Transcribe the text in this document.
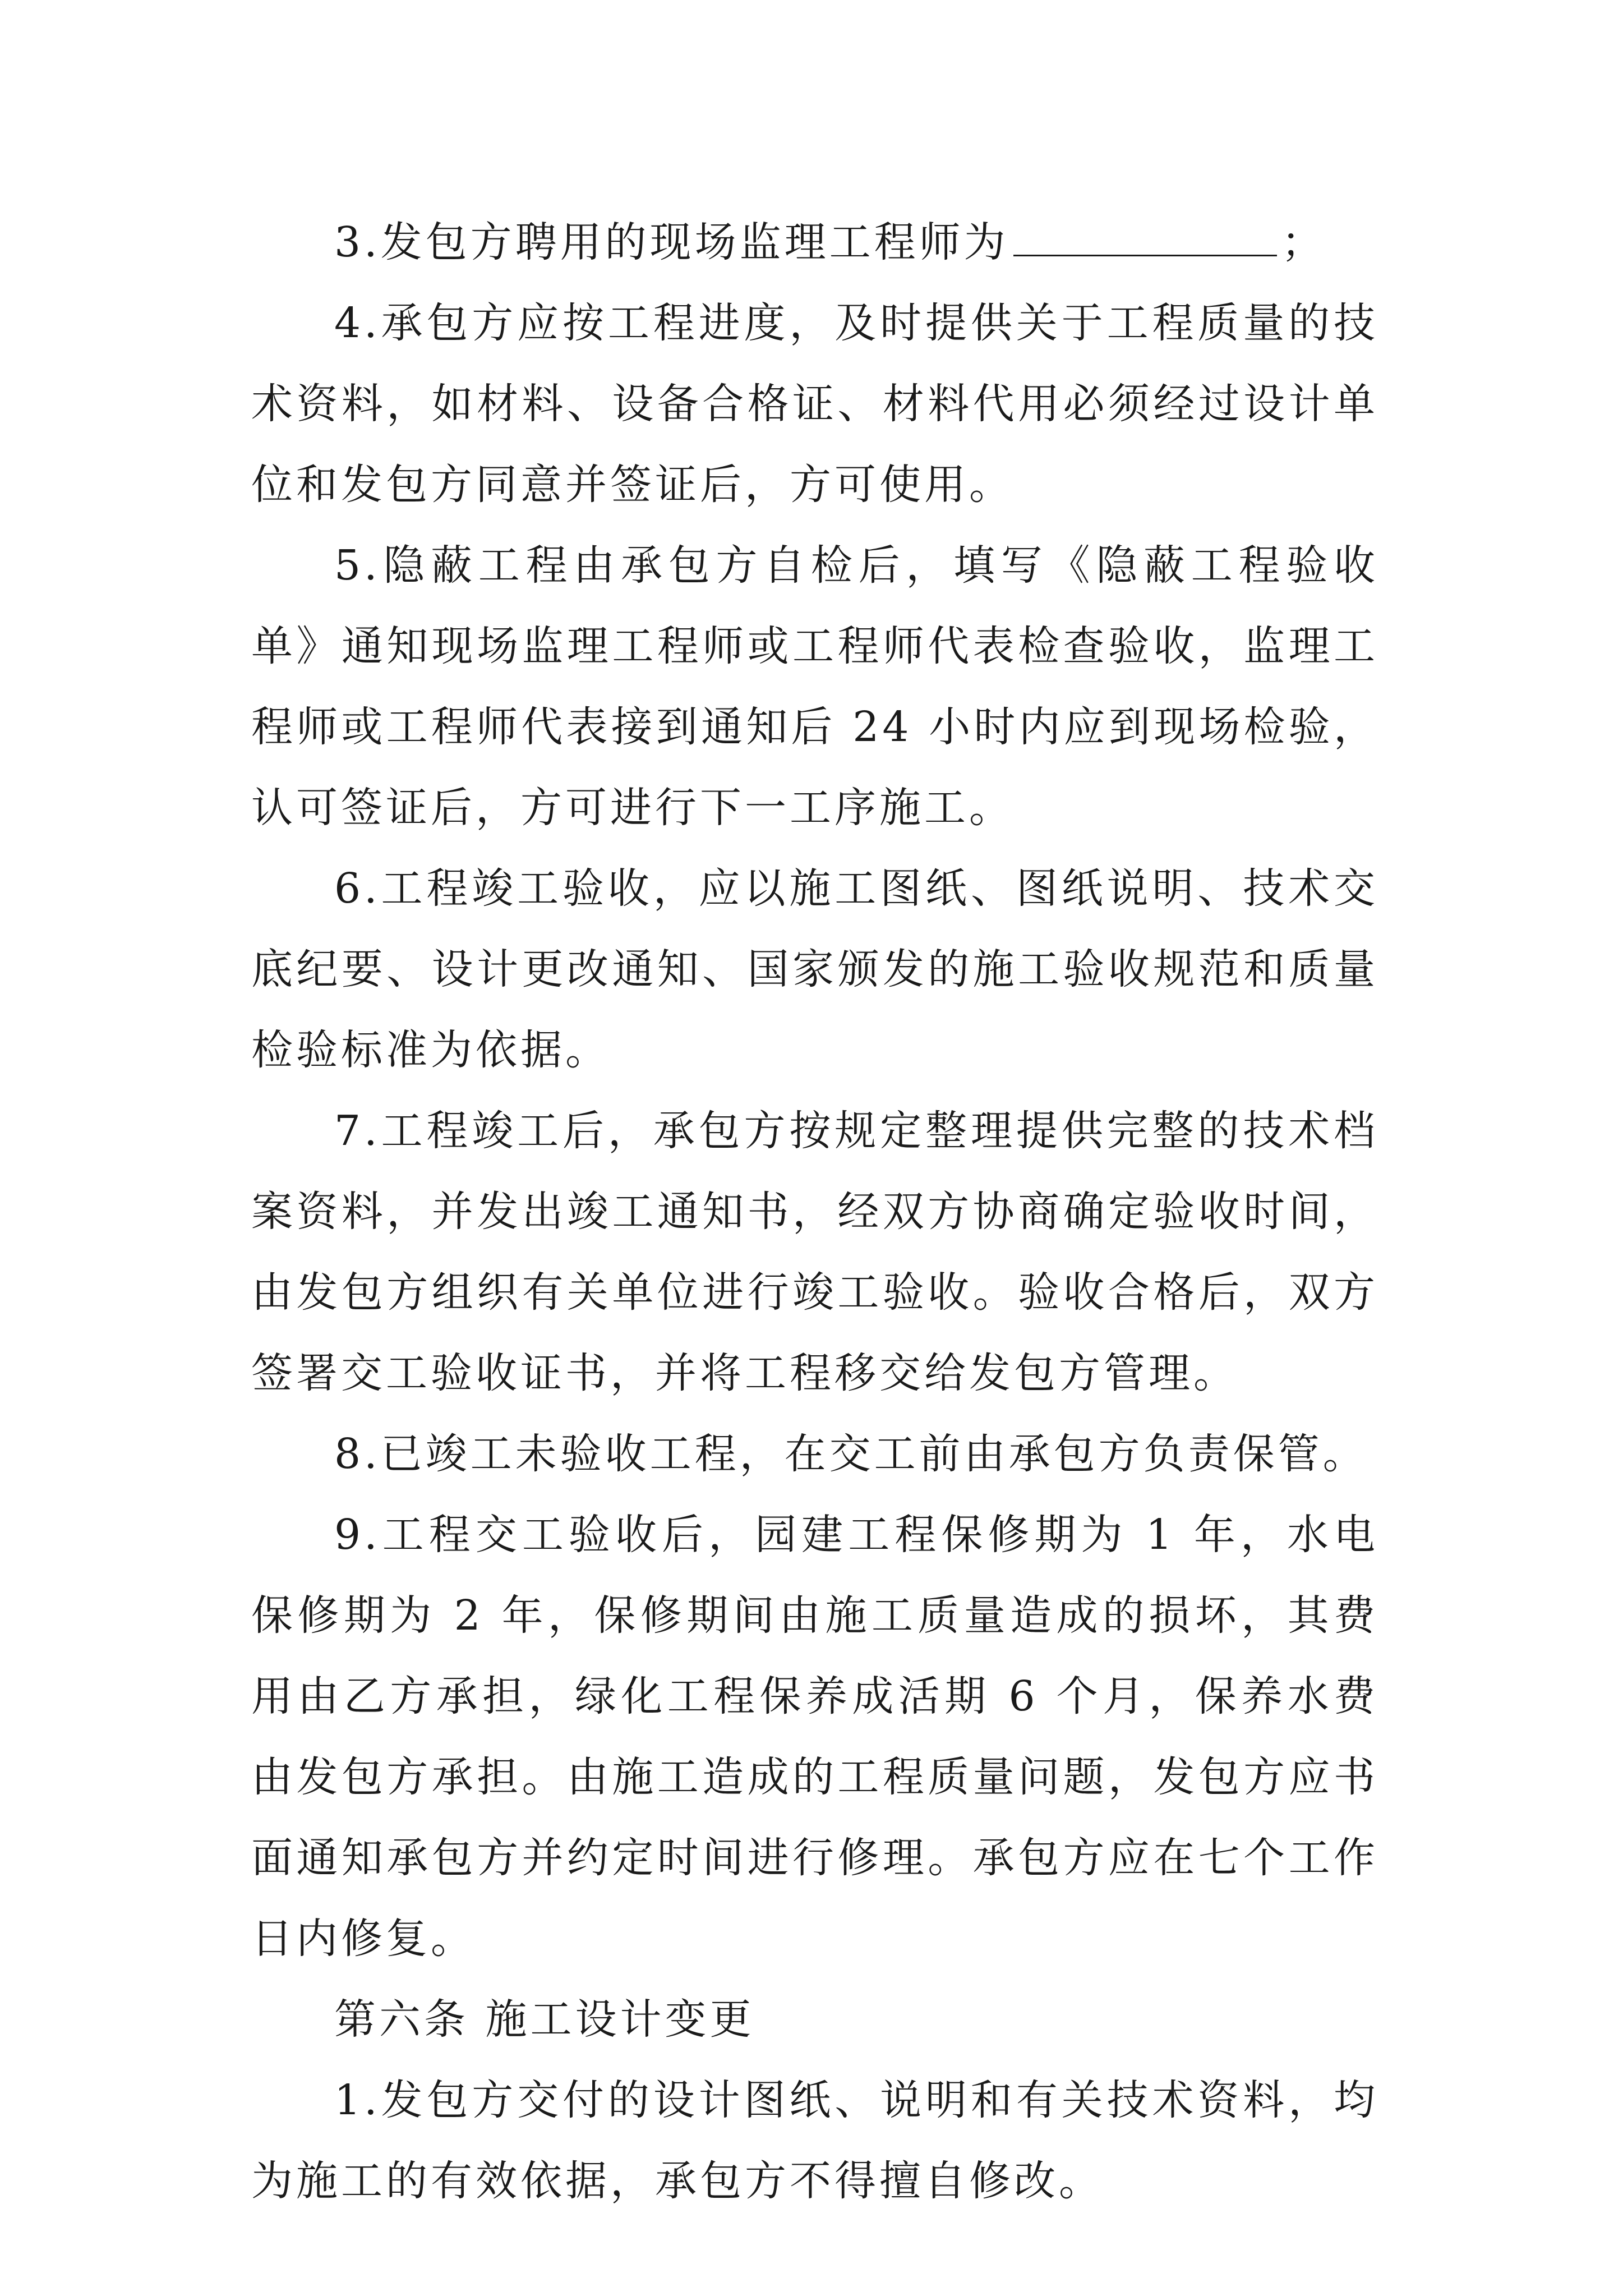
3.发包方聘用的现场监理工程师为	；

4.承包方应按工程进度，及时提供关于工程质量的技术资料，如材料、设备合格证、材料代用必须经过设计单位和发包方同意并签证后，方可使用。

5.隐蔽工程由承包方自检后，填写《隐蔽工程验收单》通知现场监理工程师或工程师代表检查验收，监理工程师或工程师代表接到通知后 24 小时内应到现场检验，认可签证后，方可进行下一工序施工。

6.工程竣工验收，应以施工图纸、图纸说明、技术交底纪要、设计更改通知、国家颁发的施工验收规范和质量检验标准为依据。

7.工程竣工后，承包方按规定整理提供完整的技术档案资料，并发出竣工通知书，经双方协商确定验收时间，由发包方组织有关单位进行竣工验收。验收合格后，双方签署交工验收证书，并将工程移交给发包方管理。

8.已竣工未验收工程，在交工前由承包方负责保管。

9.工程交工验收后，园建工程保修期为 1 年，水电保修期为 2 年，保修期间由施工质量造成的损坏，其费用由乙方承担，绿化工程保养成活期 6 个月，保养水费由发包方承担。由施工造成的工程质量问题，发包方应书面通知承包方并约定时间进行修理。承包方应在七个工作日内修复。

第六条 施工设计变更

1.发包方交付的设计图纸、说明和有关技术资料，均为施工的有效依据，承包方不得擅自修改。
